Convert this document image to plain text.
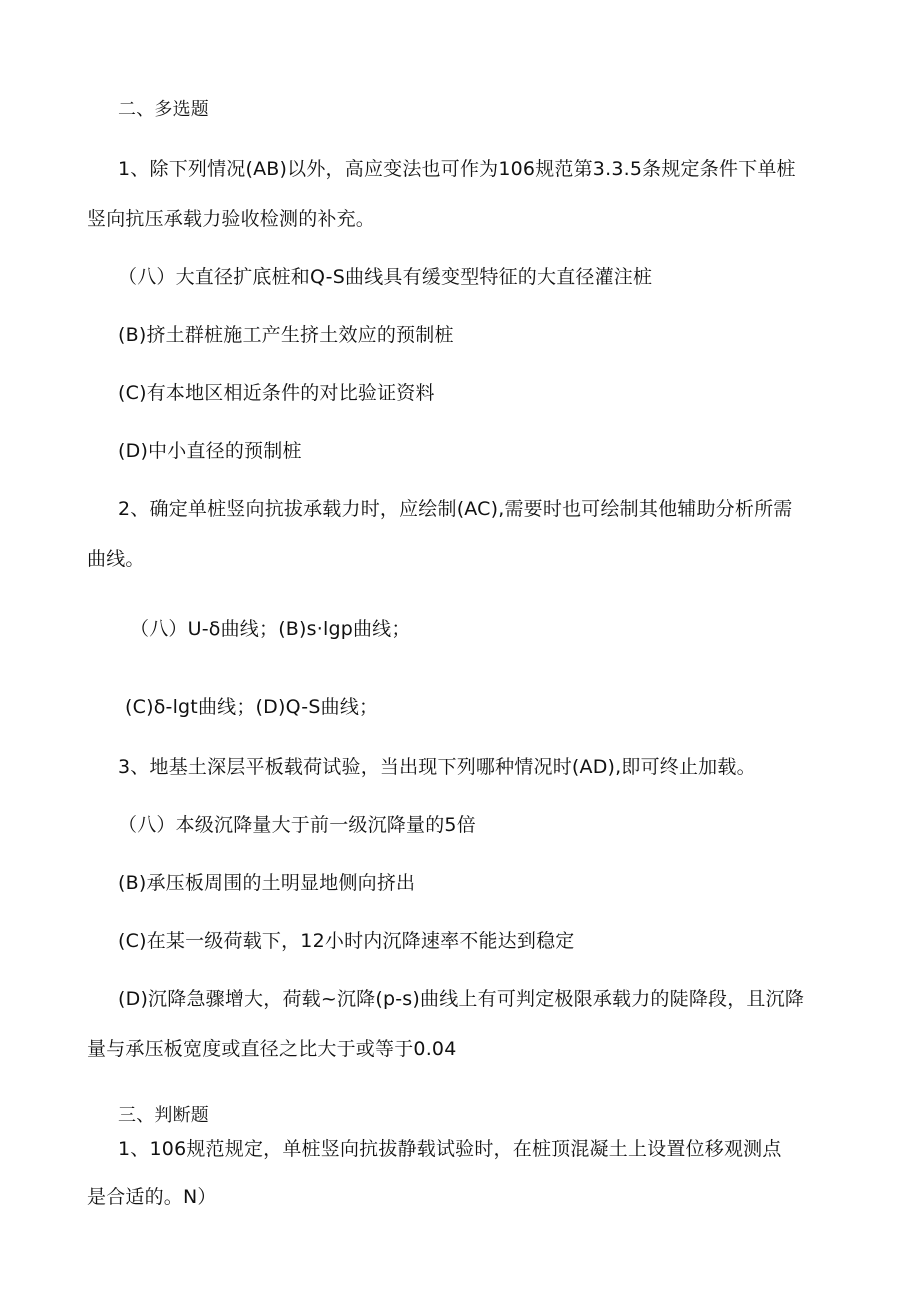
二、多选题
1、除下列情况(AB)以外，高应变法也可作为106规范第3.3.5条规定条件下单桩
竖向抗压承载力验收检测的补充。
（八）大直径扩底桩和Q-S曲线具有缓变型特征的大直径灌注桩
(B)挤土群桩施工产生挤土效应的预制桩
(C)有本地区相近条件的对比验证资料
(D)中小直径的预制桩
2、确定单桩竖向抗拔承载力时，应绘制(AC),需要时也可绘制其他辅助分析所需
曲线。
（八）U-δ曲线；(B)s·lgp曲线；
(C)δ-lgt曲线；(D)Q-S曲线；
3、地基土深层平板载荷试验，当出现下列哪种情况时(AD),即可终止加载。
（八）本级沉降量大于前一级沉降量的5倍
(B)承压板周围的土明显地侧向挤出
(C)在某一级荷载下，12小时内沉降速率不能达到稳定
(D)沉降急骤增大，荷载~沉降(p-s)曲线上有可判定极限承载力的陡降段，且沉降
量与承压板宽度或直径之比大于或等于0.04
三、判断题
1、106规范规定，单桩竖向抗拔静载试验时，在桩顶混凝土上设置位移观测点
是合适的。N）
